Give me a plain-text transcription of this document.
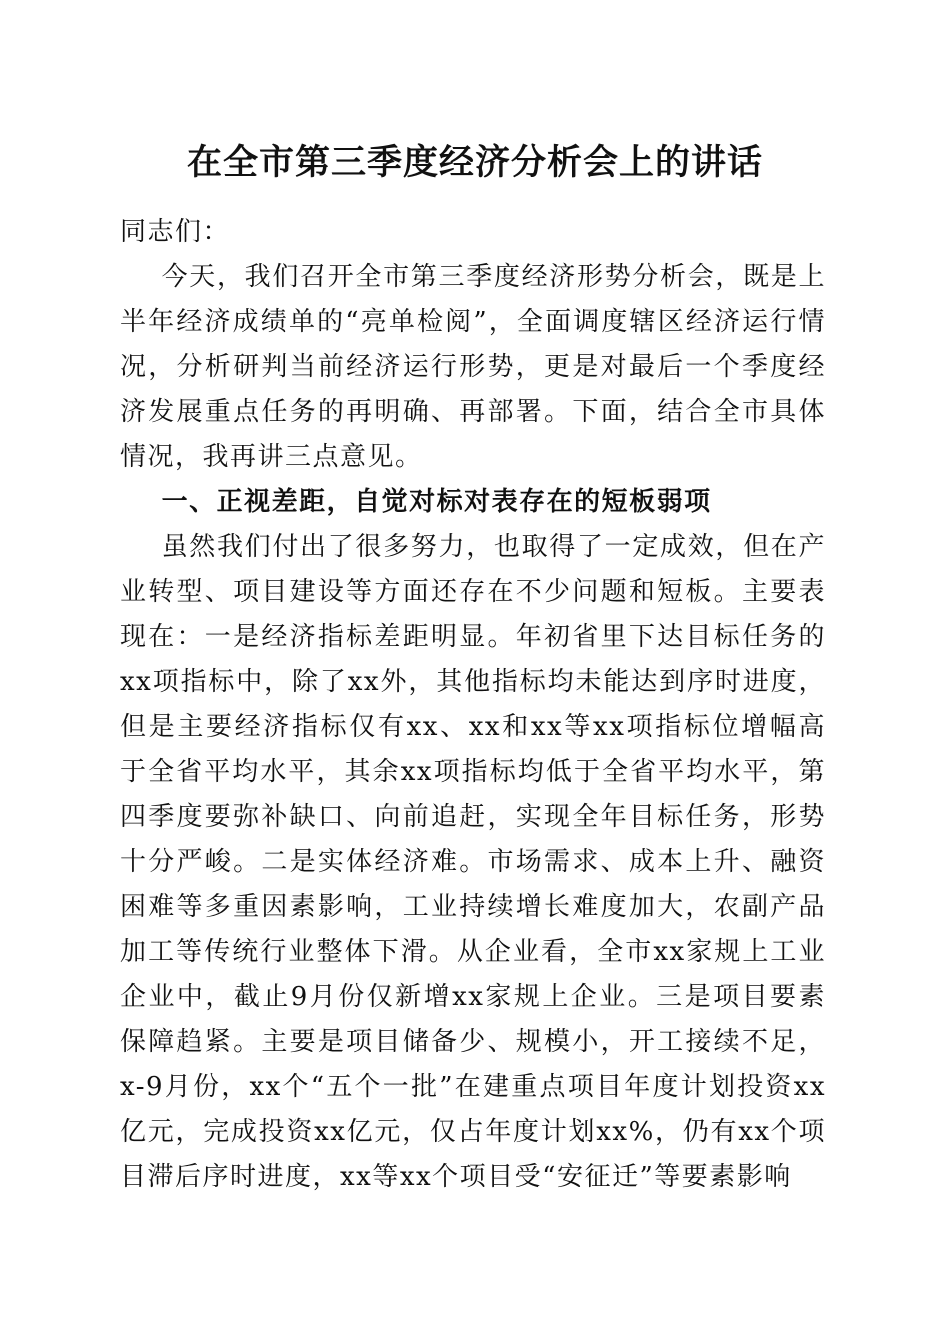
在全市第三季度经济分析会上的讲话

同志们：

今天，我们召开全市第三季度经济形势分析会，既是上半年经济成绩单的“亮单检阅”，全面调度辖区经济运行情况，分析研判当前经济运行形势，更是对最后一个季度经济发展重点任务的再明确、再部署。下面，结合全市具体情况，我再讲三点意见。

一、正视差距，自觉对标对表存在的短板弱项

虽然我们付出了很多努力，也取得了一定成效，但在产业转型、项目建设等方面还存在不少问题和短板。主要表现在：一是经济指标差距明显。年初省里下达目标任务的xx项指标中，除了xx外，其他指标均未能达到序时进度，但是主要经济指标仅有xx、xx和xx等xx项指标位增幅高于全省平均水平，其余xx项指标均低于全省平均水平，第四季度要弥补缺口、向前追赶，实现全年目标任务，形势十分严峻。二是实体经济难。市场需求、成本上升、融资困难等多重因素影响，工业持续增长难度加大，农副产品加工等传统行业整体下滑。从企业看，全市xx家规上工业企业中，截止9月份仅新增xx家规上企业。三是项目要素保障趋紧。主要是项目储备少、规模小，开工接续不足，x-9月份，xx个“五个一批”在建重点项目年度计划投资xx亿元，完成投资xx亿元，仅占年度计划xx%，仍有xx个项目滞后序时进度，xx等xx个项目受“安征迁”等要素影响
